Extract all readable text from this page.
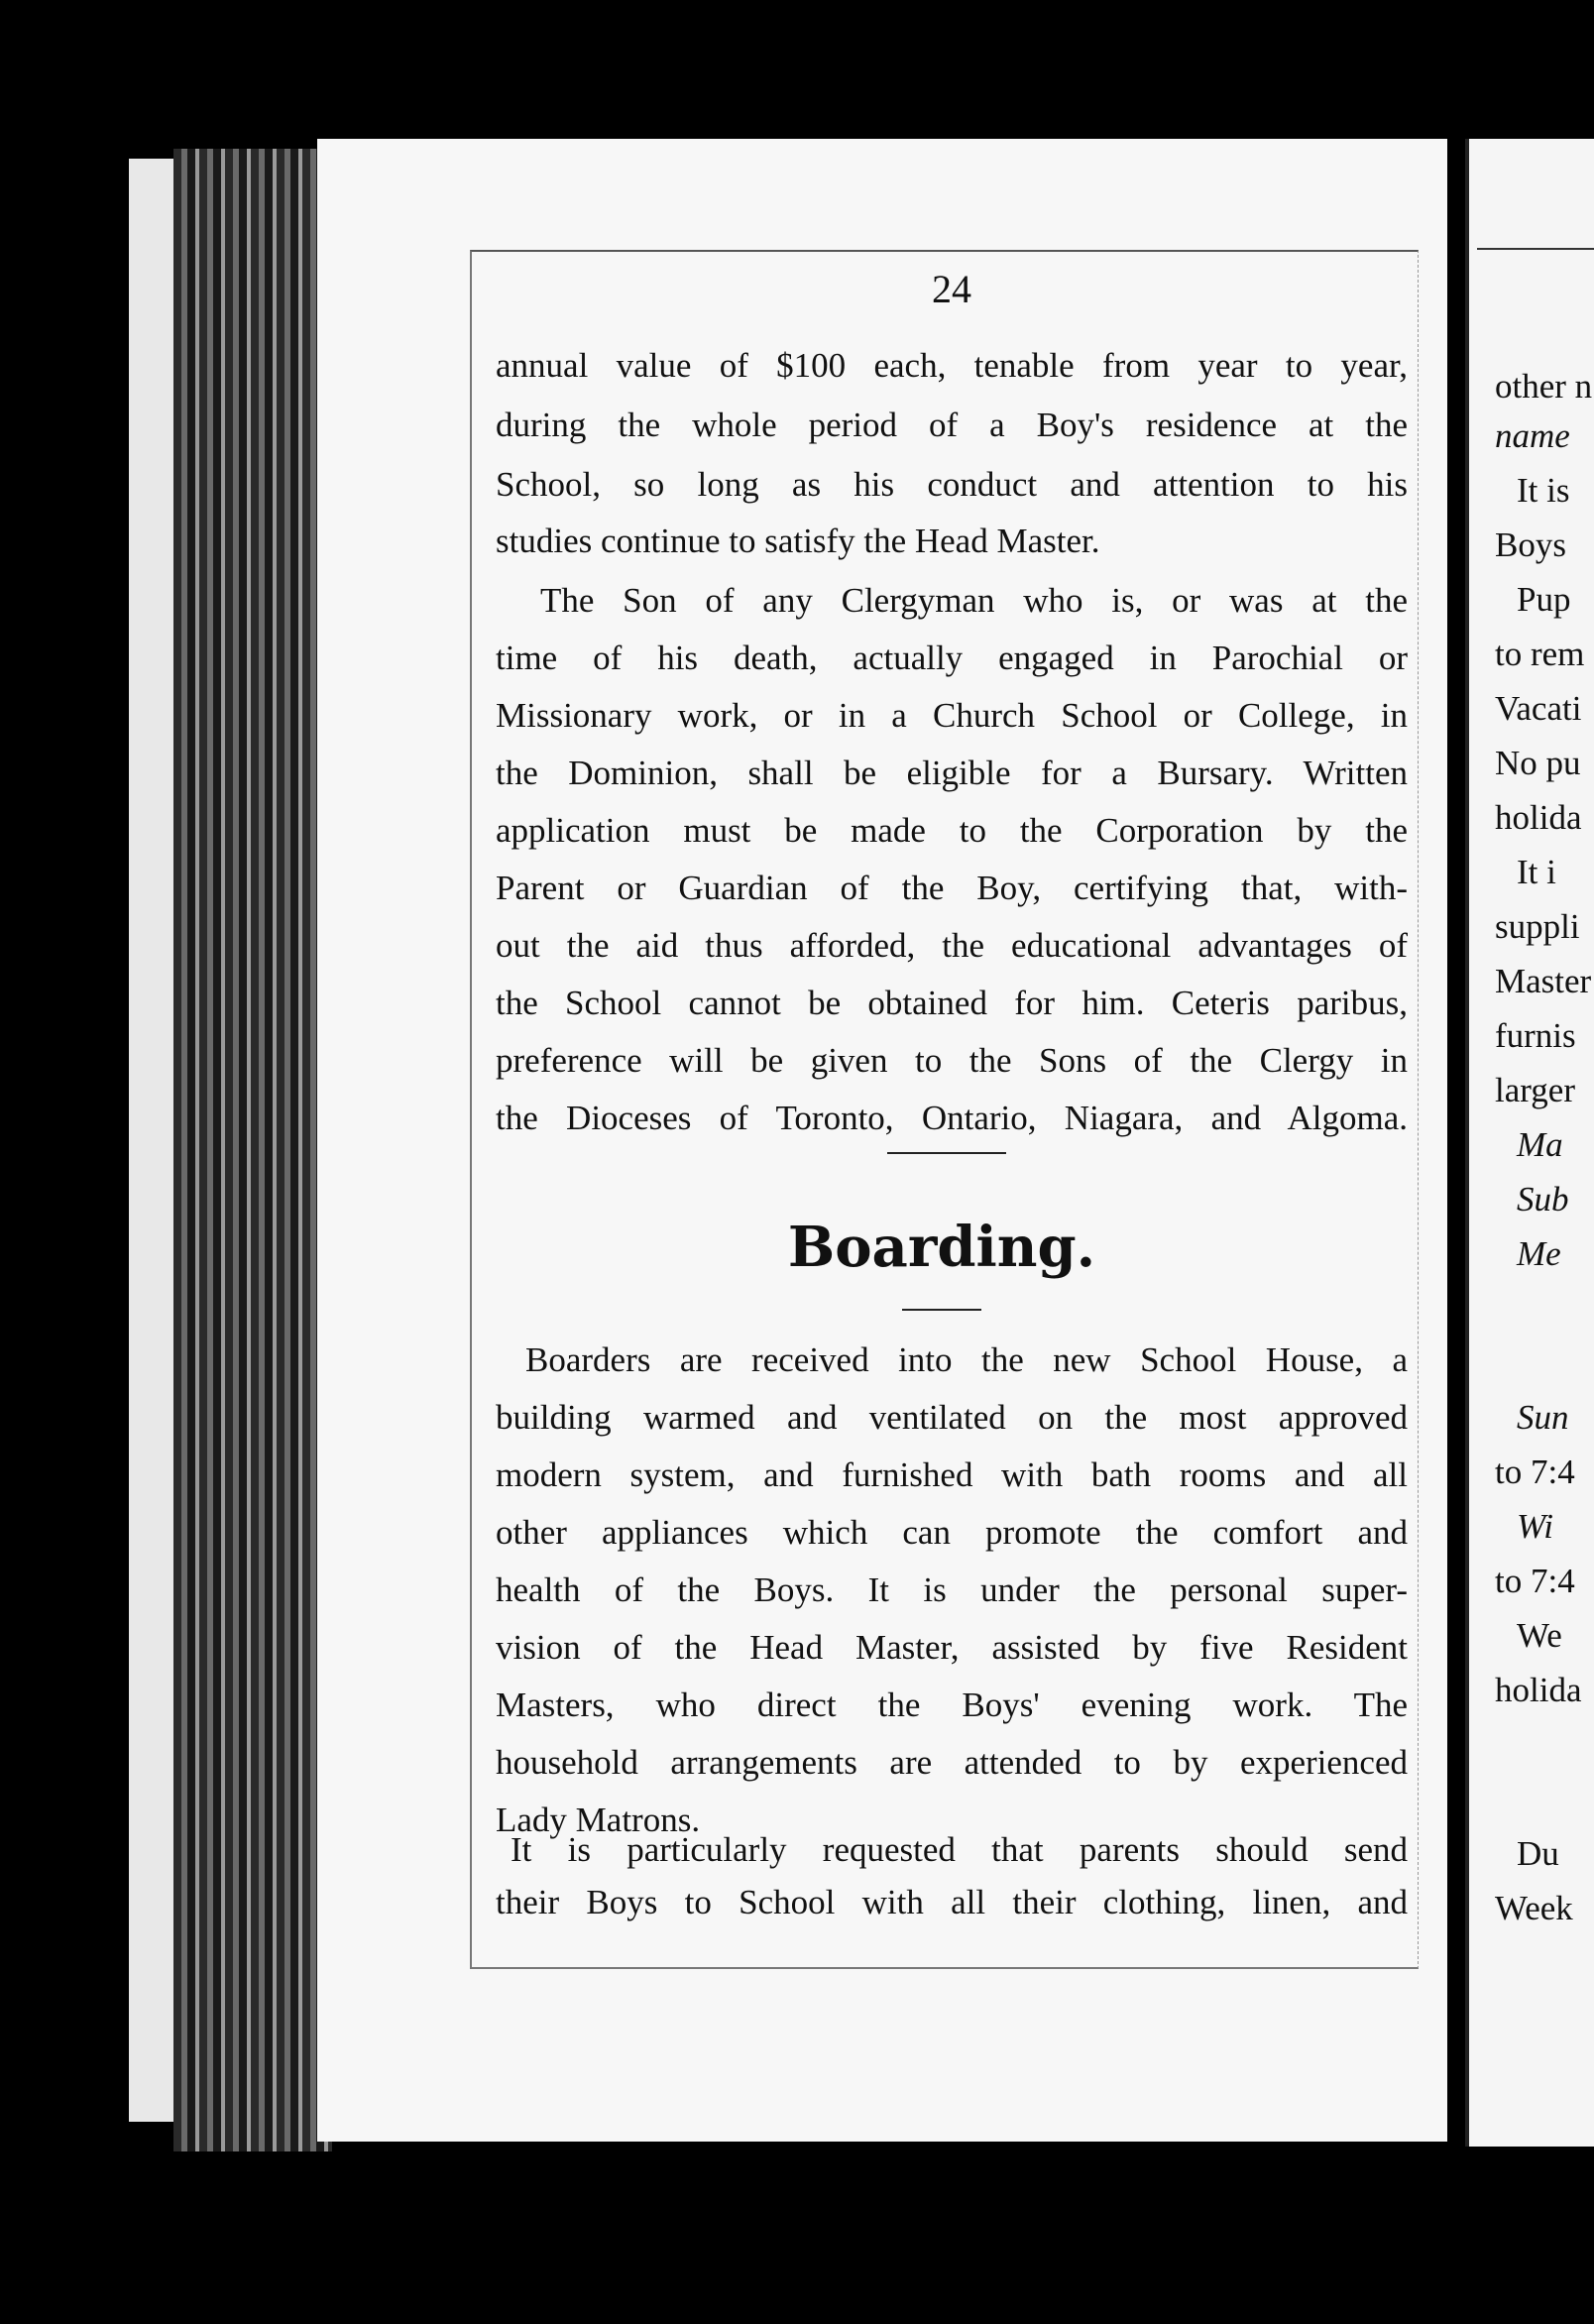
24
annual value of $100 each, tenable from year to year,
during the whole period of a Boy's residence at the
School, so long as his conduct and attention to his
studies continue to satisfy the Head Master.
The Son of any Clergyman who is, or was at the
time of his death, actually engaged in Parochial or
Missionary work, or in a Church School or College, in
the Dominion, shall be eligible for a Bursary. Written
application must be made to the Corporation by the
Parent or Guardian of the Boy, certifying that, with-
out the aid thus afforded, the educational advantages of
the School cannot be obtained for him. Ceteris paribus,
preference will be given to the Sons of the Clergy in
the Dioceses of Toronto, Ontario, Niagara, and Algoma.
Boarding.
Boarders are received into the new School House, a
building warmed and ventilated on the most approved
modern system, and furnished with bath rooms and all
other appliances which can promote the comfort and
health of the Boys. It is under the personal super-
vision of the Head Master, assisted by five Resident
Masters, who direct the Boys' evening work. The
household arrangements are attended to by experienced
Lady Matrons.
It is particularly requested that parents should send
their Boys to School with all their clothing, linen, and
other n
name
It is
Boys
Pup
to rem
Vacati
No pu
holida
It i
suppli
Master
furnis
larger
Ma
Sub
Me
Sun
to 7:4
Wi
to 7:4
We
holida
Du
Week
